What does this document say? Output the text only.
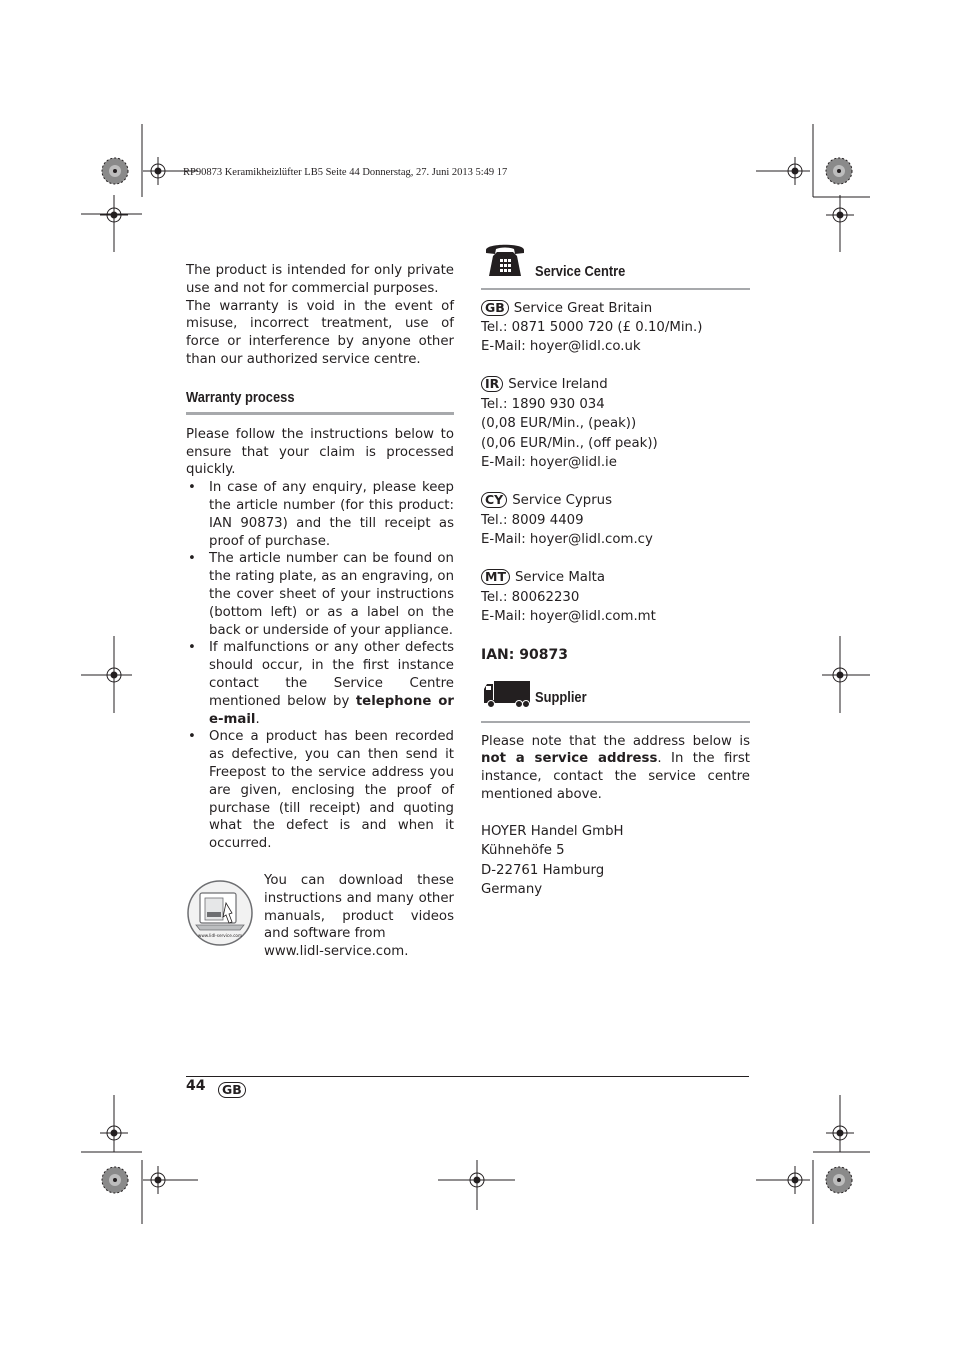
RP90873 Keramikheizlüfter LB5 Seite 44 Donnerstag, 27. Juni 2013 5:49 17

The product is intended for only private use and not for commercial purposes.

The warranty is void in the event of misuse, incorrect treatment, use of force or interference by anyone other than our authorized service centre.

Warranty process

Please follow the instructions below to ensure that your claim is processed quickly.

• In case of any enquiry, please keep the article number (for this product: IAN 90873) and the till receipt as proof of purchase.
• The article number can be found on the rating plate, as an engraving, on the cover sheet of your instructions (bottom left) or as a label on the back or underside of your appliance.
• If malfunctions or any other defects should occur, in the first instance contact the Service Centre mentioned below by telephone or e-mail.
• Once a product has been recorded as defective, you can then send it Freepost to the service address you are given, enclosing the proof of purchase (till receipt) and quoting what the defect is and when it occurred.
www.lidl-service.com

You can download these instructions and many other manuals, product videos and software from

www.lidl-service.com.

Service Centre

GB Service Great Britain

Tel.: 0871 5000 720 (£ 0.10/Min.)

E-Mail: hoyer@lidl.co.uk

IR Service Ireland

Tel.: 1890 930 034

(0,08 EUR/Min., (peak))

(0,06 EUR/Min., (off peak))

E-Mail: hoyer@lidl.ie

CY Service Cyprus

Tel.: 8009 4409

E-Mail: hoyer@lidl.com.cy

MT Service Malta

Tel.: 80062230

E-Mail: hoyer@lidl.com.mt

IAN: 90873

Supplier

Please note that the address below is not a service address. In the first instance, contact the service centre mentioned above.

HOYER Handel GmbH

Kühnehöfe 5

D-22761 Hamburg

Germany

44	GB
